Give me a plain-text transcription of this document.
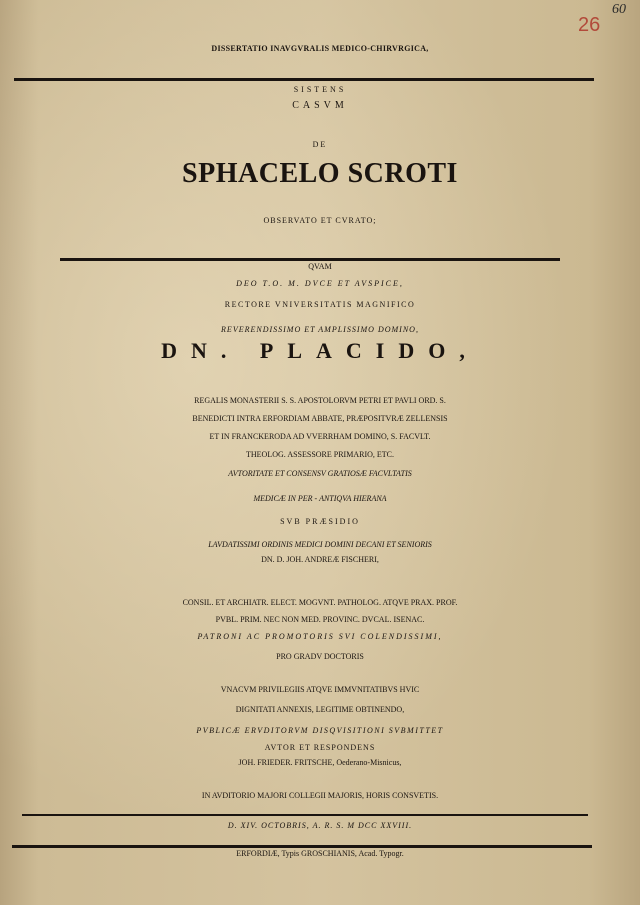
26
60
DISSERTATIO INAVGVRALIS MEDICO-CHIRVRGICA,
SISTENS
CASVM
DE
SPHACELO SCROTI
OBSERVATO ET CVRATO;
QVAM
DEO T.O. M. DVCE ET AVSPICE,
RECTORE VNIVERSITATIS MAGNIFICO
REVERENDISSIMO ET AMPLISSIMO DOMINO,
DN. PLACIDO,
REGALIS MONASTERII S. S. APOSTOLORVM PETRI ET PAVLI ORD. S.
BENEDICTI INTRA ERFORDIAM ABBATE, PRÆPOSITVRÆ ZELLENSIS
ET IN FRANCKERODA AD VVERRHAM DOMINO, S. FACVLT.
THEOLOG. ASSESSORE PRIMARIO, ETC.
AVTORITATE ET CONSENSV GRATIOSÆ FACVLTATIS
MEDICÆ IN PER - ANTIQVA HIERANA
SVB PRÆSIDIO
LAVDATISSIMI ORDINIS MEDICI DOMINI DECANI ET SENIORIS
DN. D. JOH. ANDREÆ FISCHERI,
CONSIL. ET ARCHIATR. ELECT. MOGVNT. PATHOLOG. ATQVE PRAX. PROF.
PVBL. PRIM. NEC NON MED. PROVINC. DVCAL. ISENAC.
PATRONI AC PROMOTORIS SVI COLENDISSIMI,
PRO GRADV DOCTORIS
VNACVM PRIVILEGIIS ATQVE IMMVNITATIBVS HVIC
DIGNITATI ANNEXIS, LEGITIME OBTINENDO,
PVBLICÆ ERVDITORVM DISQVISITIONI SVBMITTET
AVTOR ET RESPONDENS
JOH. FRIEDER. FRITSCHE, Oederano-Misnicus,
IN AVDITORIO MAJORI COLLEGII MAJORIS, HORIS CONSVETIS.
D. XIV. OCTOBRIS, A. R. S. M DCC XXVIII.
ERFORDIÆ, Typis GROSCHIANIS, Acad. Typogr.
